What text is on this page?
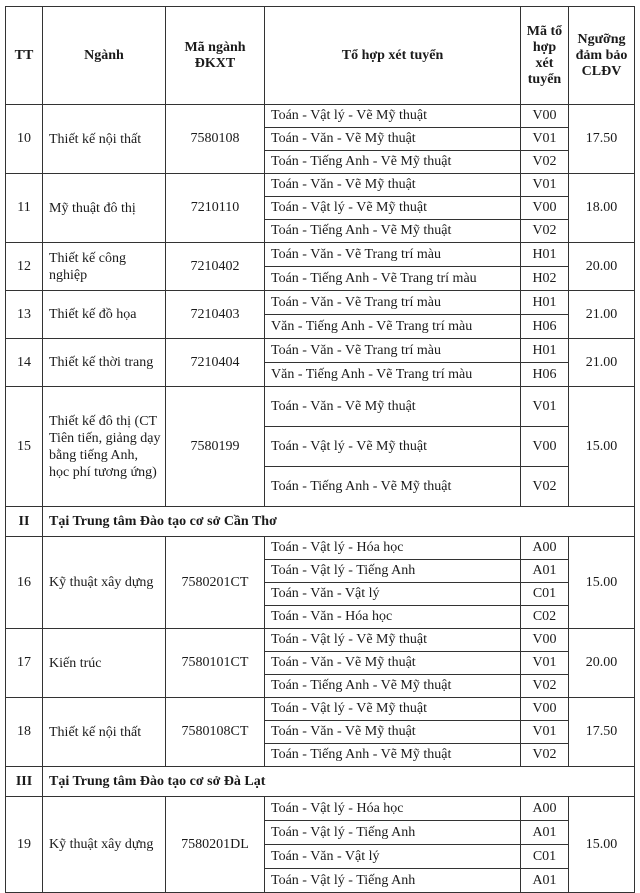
TT	Ngành	Mã ngành ĐKXT	Tổ hợp xét tuyển	Mã tổ hợp xét tuyển	Ngưỡng đảm bảo CLĐV
10	Thiết kế nội thất	7580108	Toán - Vật lý - Vẽ Mỹ thuật	V00	17.50
			Toán - Văn - Vẽ Mỹ thuật	V01	
			Toán - Tiếng Anh - Vẽ Mỹ thuật	V02	
11	Mỹ thuật đô thị	7210110	Toán - Văn - Vẽ Mỹ thuật	V01	18.00
			Toán - Vật lý - Vẽ Mỹ thuật	V00	
			Toán - Tiếng Anh - Vẽ Mỹ thuật	V02	
12	Thiết kế công nghiệp	7210402	Toán - Văn - Vẽ Trang trí màu	H01	20.00
			Toán - Tiếng Anh - Vẽ Trang trí màu	H02	
13	Thiết kế đồ họa	7210403	Toán - Văn - Vẽ Trang trí màu	H01	21.00
			Văn - Tiếng Anh - Vẽ Trang trí màu	H06	
14	Thiết kế thời trang	7210404	Toán - Văn - Vẽ Trang trí màu	H01	21.00
			Văn - Tiếng Anh - Vẽ Trang trí màu	H06	
15	Thiết kế đô thị (CT Tiên tiến, giảng dạy bằng tiếng Anh, học phí tương ứng)	7580199	Toán - Văn - Vẽ Mỹ thuật	V01	15.00
			Toán - Vật lý - Vẽ Mỹ thuật	V00	
			Toán - Tiếng Anh - Vẽ Mỹ thuật	V02	
II	Tại Trung tâm Đào tạo cơ sở Cần Thơ				
16	Kỹ thuật xây dựng	7580201CT	Toán - Vật lý - Hóa học	A00	15.00
			Toán - Vật lý - Tiếng Anh	A01	
			Toán - Văn - Vật lý	C01	
			Toán - Văn - Hóa học	C02	
17	Kiến trúc	7580101CT	Toán - Vật lý - Vẽ Mỹ thuật	V00	20.00
			Toán - Văn - Vẽ Mỹ thuật	V01	
			Toán - Tiếng Anh - Vẽ Mỹ thuật	V02	
18	Thiết kế nội thất	7580108CT	Toán - Vật lý - Vẽ Mỹ thuật	V00	17.50
			Toán - Văn - Vẽ Mỹ thuật	V01	
			Toán - Tiếng Anh - Vẽ Mỹ thuật	V02	
III	Tại Trung tâm Đào tạo cơ sở Đà Lạt				
19	Kỹ thuật xây dựng	7580201DL	Toán - Vật lý - Hóa học	A00	15.00
			Toán - Vật lý - Tiếng Anh	A01	
			Toán - Văn - Vật lý	C01	
			Toán - Vật lý - Tiếng Anh	A01	
